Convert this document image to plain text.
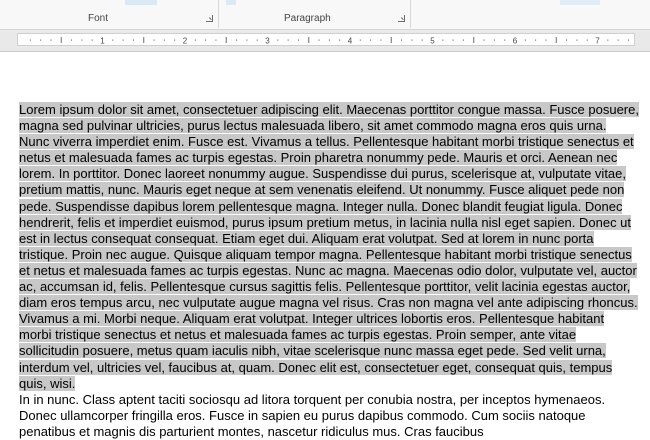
Font	Paragraph
1	2	3	4	5	6	7

Lorem ipsum dolor sit amet, consectetuer adipiscing elit. Maecenas porttitor congue massa. Fusce posuere, magna sed pulvinar ultricies, purus lectus malesuada libero, sit amet commodo magna eros quis urna. Nunc viverra imperdiet enim. Fusce est. Vivamus a tellus. Pellentesque habitant morbi tristique senectus et netus et malesuada fames ac turpis egestas. Proin pharetra nonummy pede. Mauris et orci. Aenean nec lorem. In porttitor. Donec laoreet nonummy augue. Suspendisse dui purus, scelerisque at, vulputate vitae, pretium mattis, nunc. Mauris eget neque at sem venenatis eleifend. Ut nonummy. Fusce aliquet pede non pede. Suspendisse dapibus lorem pellentesque magna. Integer nulla. Donec blandit feugiat ligula. Donec hendrerit, felis et imperdiet euismod, purus ipsum pretium metus, in lacinia nulla nisl eget sapien. Donec ut est in lectus consequat consequat. Etiam eget dui. Aliquam erat volutpat. Sed at lorem in nunc porta tristique. Proin nec augue. Quisque aliquam tempor magna. Pellentesque habitant morbi tristique senectus et netus et malesuada fames ac turpis egestas. Nunc ac magna. Maecenas odio dolor, vulputate vel, auctor ac, accumsan id, felis. Pellentesque cursus sagittis felis. Pellentesque porttitor, velit lacinia egestas auctor, diam eros tempus arcu, nec vulputate augue magna vel risus. Cras non magna vel ante adipiscing rhoncus. Vivamus a mi. Morbi neque. Aliquam erat volutpat. Integer ultrices lobortis eros. Pellentesque habitant morbi tristique senectus et netus et malesuada fames ac turpis egestas. Proin semper, ante vitae sollicitudin posuere, metus quam iaculis nibh, vitae scelerisque nunc massa eget pede. Sed velit urna, interdum vel, ultricies vel, faucibus at, quam. Donec elit est, consectetuer eget, consequat quis, tempus quis, wisi.

In in nunc. Class aptent taciti sociosqu ad litora torquent per conubia nostra, per inceptos hymenaeos. Donec ullamcorper fringilla eros. Fusce in sapien eu purus dapibus commodo. Cum sociis natoque penatibus et magnis dis parturient montes, nascetur ridiculus mus. Cras faucibus
